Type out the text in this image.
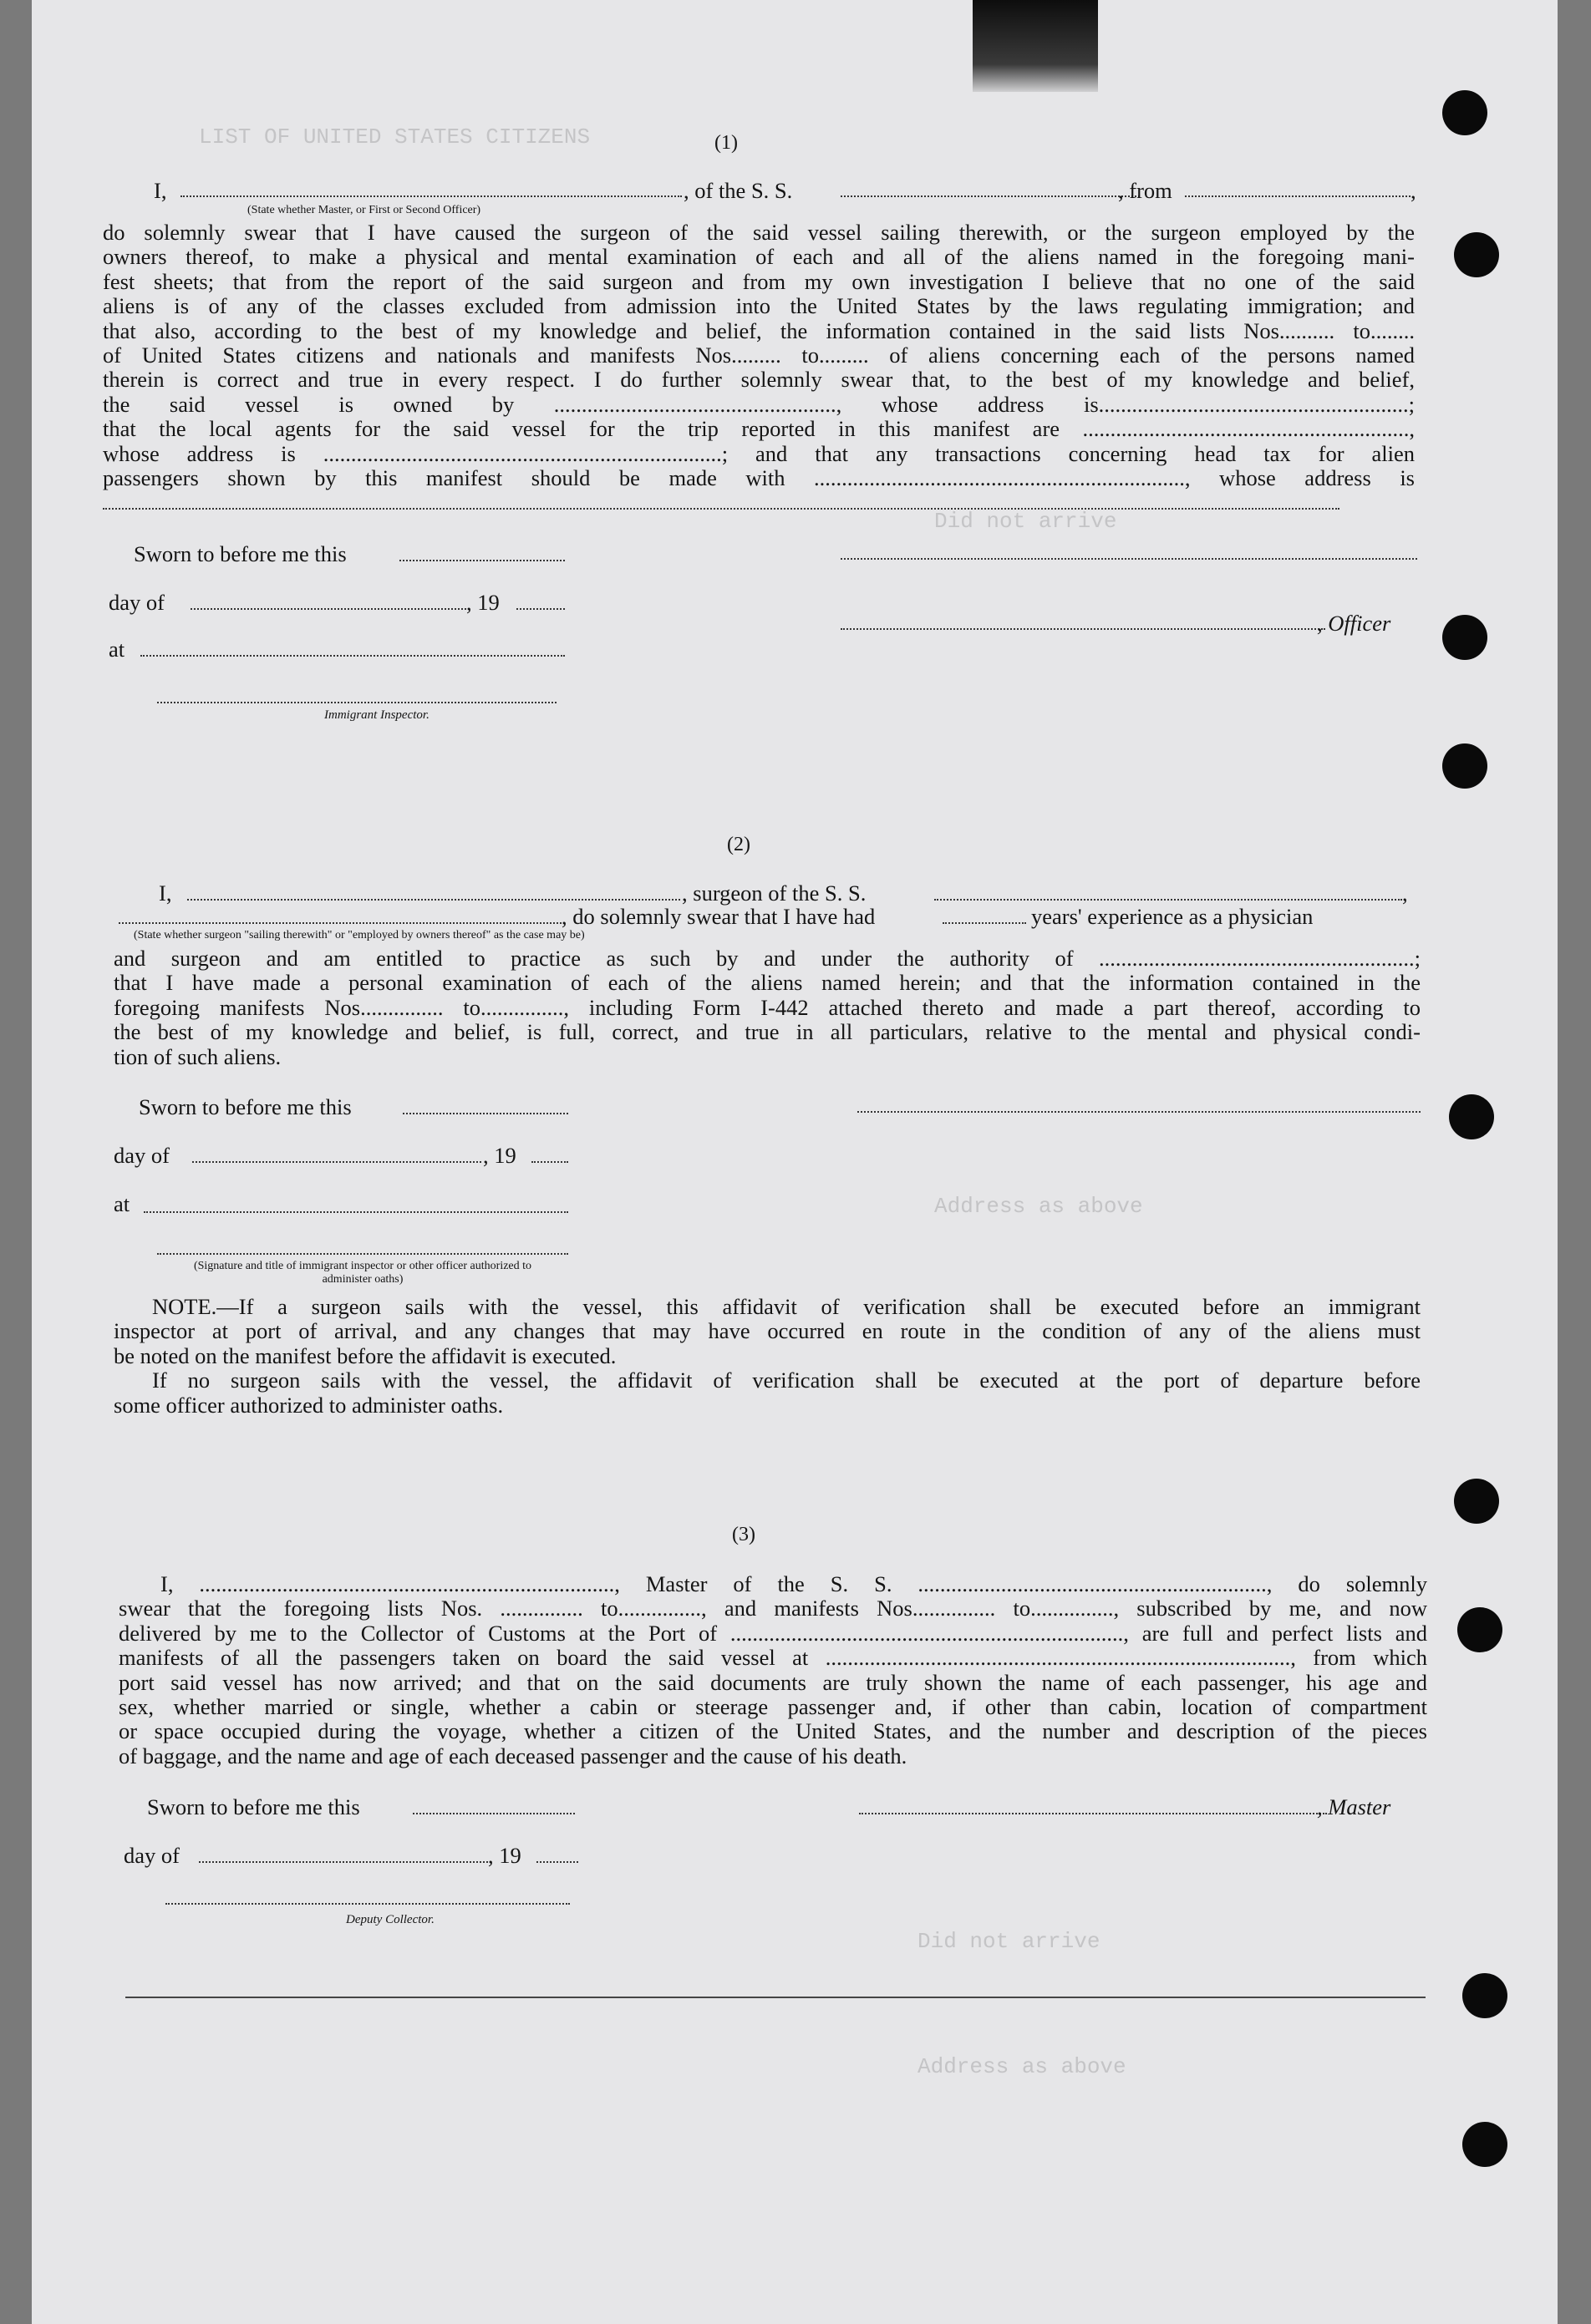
LIST OF UNITED STATES CITIZENS
Did not arrive
Address as above
Did not arrive
Address as above
(1)
I,	, of the S. S.	, from	,
(State whether Master, or First or Second Officer)
do solemnly swear that I have caused the surgeon of the said vessel sailing therewith, or the surgeon employed by the
owners thereof, to make a physical and mental examination of each and all of the aliens named in the foregoing mani-
fest sheets; that from the report of the said surgeon and from my own investigation I believe that no one of the said
aliens is of any of the classes excluded from admission into the United States by the laws regulating immigration; and
that also, according to the best of my knowledge and belief, the information contained in the said lists Nos.......... to........
of United States citizens and nationals and manifests Nos......... to......... of aliens concerning each of the persons named
therein is correct and true in every respect. I do further solemnly swear that, to the best of my knowledge and belief,
the said vessel is owned by ..................................................., whose address is........................................................;
that the local agents for the said vessel for the trip reported in this manifest are ...........................................................,
whose address is ........................................................................; and that any transactions concerning head tax for alien
passengers shown by this manifest should be made with ..................................................................., whose address is
Sworn to before me this
day of	, 19
, Officer
at
Immigrant Inspector.
(2)
I,	, surgeon of the S. S.	,
, do solemnly swear that I have had	years' experience as a physician
(State whether surgeon "sailing therewith" or "employed by owners thereof" as the case may be)
and surgeon and am entitled to practice as such by and under the authority of .........................................................;
that I have made a personal examination of each of the aliens named herein; and that the information contained in the
foregoing manifests Nos............... to..............., including Form I-442 attached thereto and made a part thereof, according to
the best of my knowledge and belief, is full, correct, and true in all particulars, relative to the mental and physical condi-
tion of such aliens.
Sworn to before me this
day of	, 19
at
(Signature and title of immigrant inspector or other officer authorized to administer oaths)
NOTE.—If a surgeon sails with the vessel, this affidavit of verification shall be executed before an immigrant
inspector at port of arrival, and any changes that may have occurred en route in the condition of any of the aliens must
be noted on the manifest before the affidavit is executed.
If no surgeon sails with the vessel, the affidavit of verification shall be executed at the port of departure before
some officer authorized to administer oaths.
(3)
I, ..........................................................................., Master of the S. S. ..............................................................., do solemnly
swear that the foregoing lists Nos. ............... to..............., and manifests Nos............... to..............., subscribed by me, and now
delivered by me to the Collector of Customs at the Port of ......................................................................., are full and perfect lists and
manifests of all the passengers taken on board the said vessel at ...................................................................................., from which
port said vessel has now arrived; and that on the said documents are truly shown the name of each passenger, his age and
sex, whether married or single, whether a cabin or steerage passenger and, if other than cabin, location of compartment
or space occupied during the voyage, whether a citizen of the United States, and the number and description of the pieces
of baggage, and the name and age of each deceased passenger and the cause of his death.
Sworn to before me this	, Master
day of	, 19
Deputy Collector.
